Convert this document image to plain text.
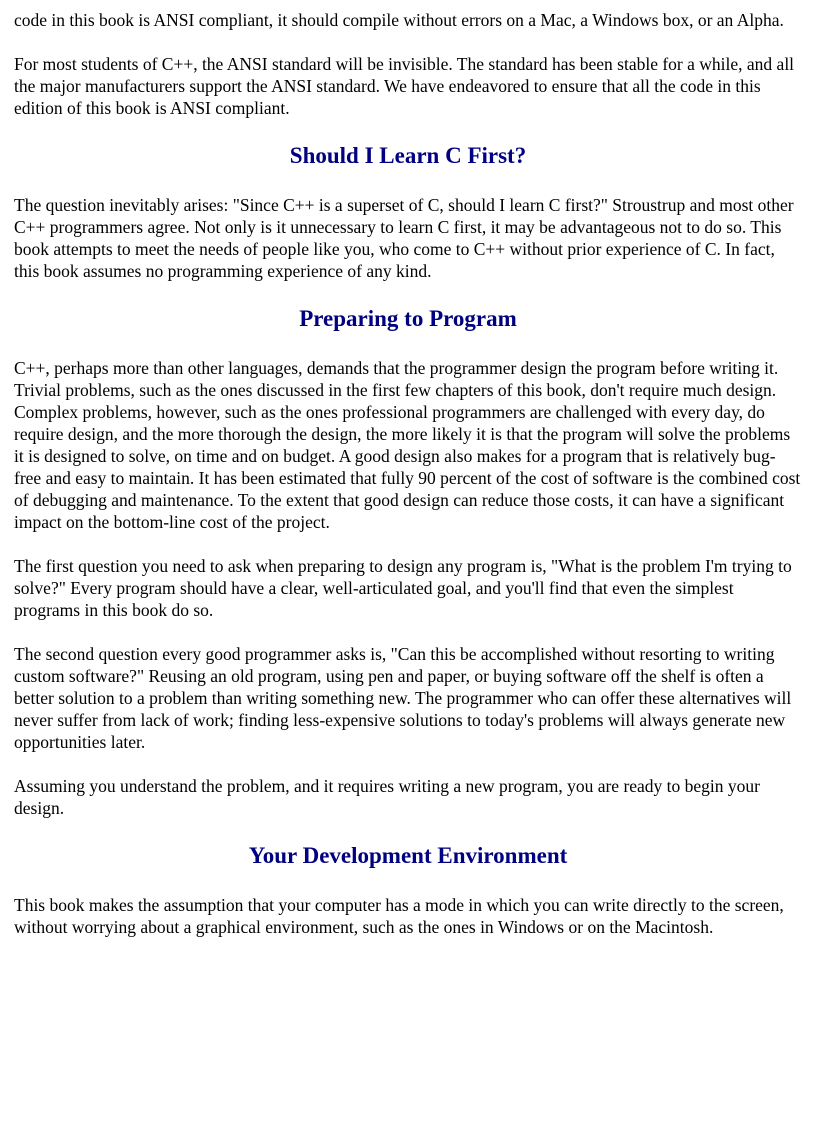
code in this book is ANSI compliant, it should compile without errors on a Mac, a Windows box, or an Alpha.

For most students of C++, the ANSI standard will be invisible. The standard has been stable for a while, and all the major manufacturers support the ANSI standard. We have endeavored to ensure that all the code in this edition of this book is ANSI compliant.

Should I Learn C First?

The question inevitably arises: "Since C++ is a superset of C, should I learn C first?" Stroustrup and most other C++ programmers agree. Not only is it unnecessary to learn C first, it may be advantageous not to do so. This book attempts to meet the needs of people like you, who come to C++ without prior experience of C. In fact, this book assumes no programming experience of any kind.

Preparing to Program

C++, perhaps more than other languages, demands that the programmer design the program before writing it. Trivial problems, such as the ones discussed in the first few chapters of this book, don't require much design. Complex problems, however, such as the ones professional programmers are challenged with every day, do require design, and the more thorough the design, the more likely it is that the program will solve the problems it is designed to solve, on time and on budget. A good design also makes for a program that is relatively bug-free and easy to maintain. It has been estimated that fully 90 percent of the cost of software is the combined cost of debugging and maintenance. To the extent that good design can reduce those costs, it can have a significant impact on the bottom-line cost of the project.

The first question you need to ask when preparing to design any program is, "What is the problem I'm trying to solve?" Every program should have a clear, well-articulated goal, and you'll find that even the simplest programs in this book do so.

The second question every good programmer asks is, "Can this be accomplished without resorting to writing custom software?" Reusing an old program, using pen and paper, or buying software off the shelf is often a better solution to a problem than writing something new. The programmer who can offer these alternatives will never suffer from lack of work; finding less-expensive solutions to today's problems will always generate new opportunities later.

Assuming you understand the problem, and it requires writing a new program, you are ready to begin your design.

Your Development Environment

This book makes the assumption that your computer has a mode in which you can write directly to the screen, without worrying about a graphical environment, such as the ones in Windows or on the Macintosh.
